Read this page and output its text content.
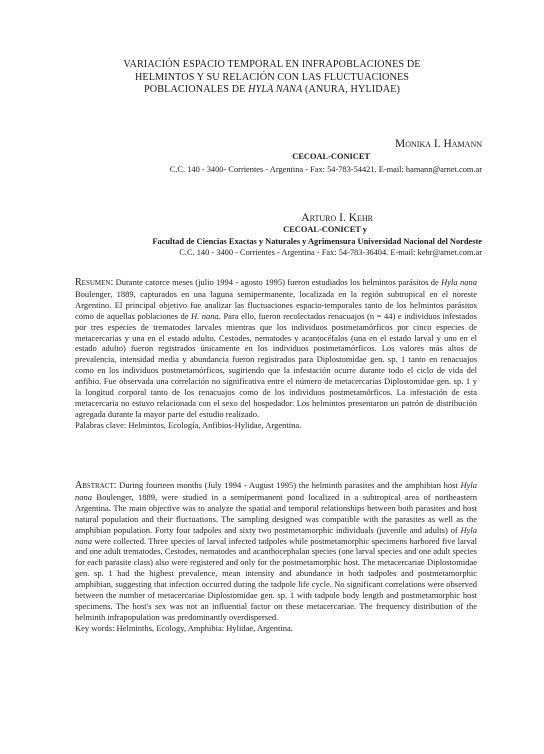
VARIACIÓN ESPACIO TEMPORAL EN INFRAPOBLACIONES DE
HELMINTOS Y SU RELACIÓN CON LAS FLUCTUACIONES
POBLACIONALES DE HYLA NANA (ANURA, HYLIDAE)
Monika I. Hamann
CECOAL-CONICET
C.C. 140 - 3400- Corrientes - Argentina - Fax: 54-783-54421. E-mail: hamann@arnet.com.ar
Arturo I. Kehr
CECOAL-CONICET y
Facultad de Ciencias Exactas y Naturales y Agrimensura Universidad Nacional del Nordeste
C.C. 140 - 3400 - Corrientes - Argentina - Fax: 54-783-36404. E-mail: kehr@arnet.com.ar
Resumen: Durante catorce meses (julio 1994 - agosto 1995) fueron estudiados los helmintos parásitos de Hyla nana Boulenger, 1889, capturados en una laguna semipermanente, localizada en la región subtropical en el noreste Argentino. El principal objetivo fue analizar las fluctuaciones espacio-temporales tanto de los helmintos parásitos como de aquellas poblaciones de H. nana. Para ello, fueron recolectados renacuajos (n = 44) e individuos infestados por tres especies de trematodes larvales mientras que los individuos postmetamórficos por cinco especies de metacercarias y una en el estado adulto. Cestodes, nematodes y acantocéfalos (una en el estado larval y uno en el estado adulto) fueron registrados únicamente en los individuos postmetamórficos. Los valores más altos de prevalencia, intensidad media y abundancia fueron registrados para Diplostomidae gen. sp. 1 tanto en renacuajos como en los individuos postmetamórficos, sugiriendo que la infestación ocurre durante todo el ciclo de vida del anfibio. Fue observada una correlación no significativa entre el número de metacercarias Diplostomidae gen. sp. 1 y la longitud corporal tanto de los renacuajos como de los individuos postmetamórficos. La infestación de esta metacercaria no estuvo relacionada con el sexo del hospedador. Los helmintos presentaron un patrón de distribución agregada durante la mayor parte del estudio realizado.
Palabras clave: Helmintos, Ecología, Anfibios-Hylidae, Argentina.
Abstract: During fourteen months (July 1994 - August 1995) the helminth parasites and the amphibian host Hyla nana Boulenger, 1889, were studied in a semipermanent pond localized in a subtropical area of northeastern Argentina. The main objective was to analyze the spatial and temporal relationships between both parasites and host natural population and their fluctuations. The sampling designed was compatible with the parasites as well as the amphibian population. Forty four tadpoles and sixty two postmetamorphic individuals (juvenile and adults) of Hyla nana were collected. Three species of larval infected tadpoles while postmetamorphic specimens harbored five larval and one adult trematodes. Cestodes, nematodes and acanthocephalan species (one larval species and one adult species for each parasite class) also were registered and only for the postmetamorphic host. The metacercariae Diplostomidae gen. sp. 1 had the highest prevalence, mean intensity and abundance in both tadpoles and postmetamorphic amphibian, suggesting that infection occurred during the tadpole life cycle. No significant correlations were observed between the number of metacercariae Diplostomidae gen. sp. 1 with tadpole body length and postmetamorphic host specimens. The host's sex was not an influential factor on these metacercariae. The frequency distribution of the helminth infrapopulation was predominantly overdispersed.
Key words: Helminths, Ecology, Amphibia: Hylidae, Argentina.
